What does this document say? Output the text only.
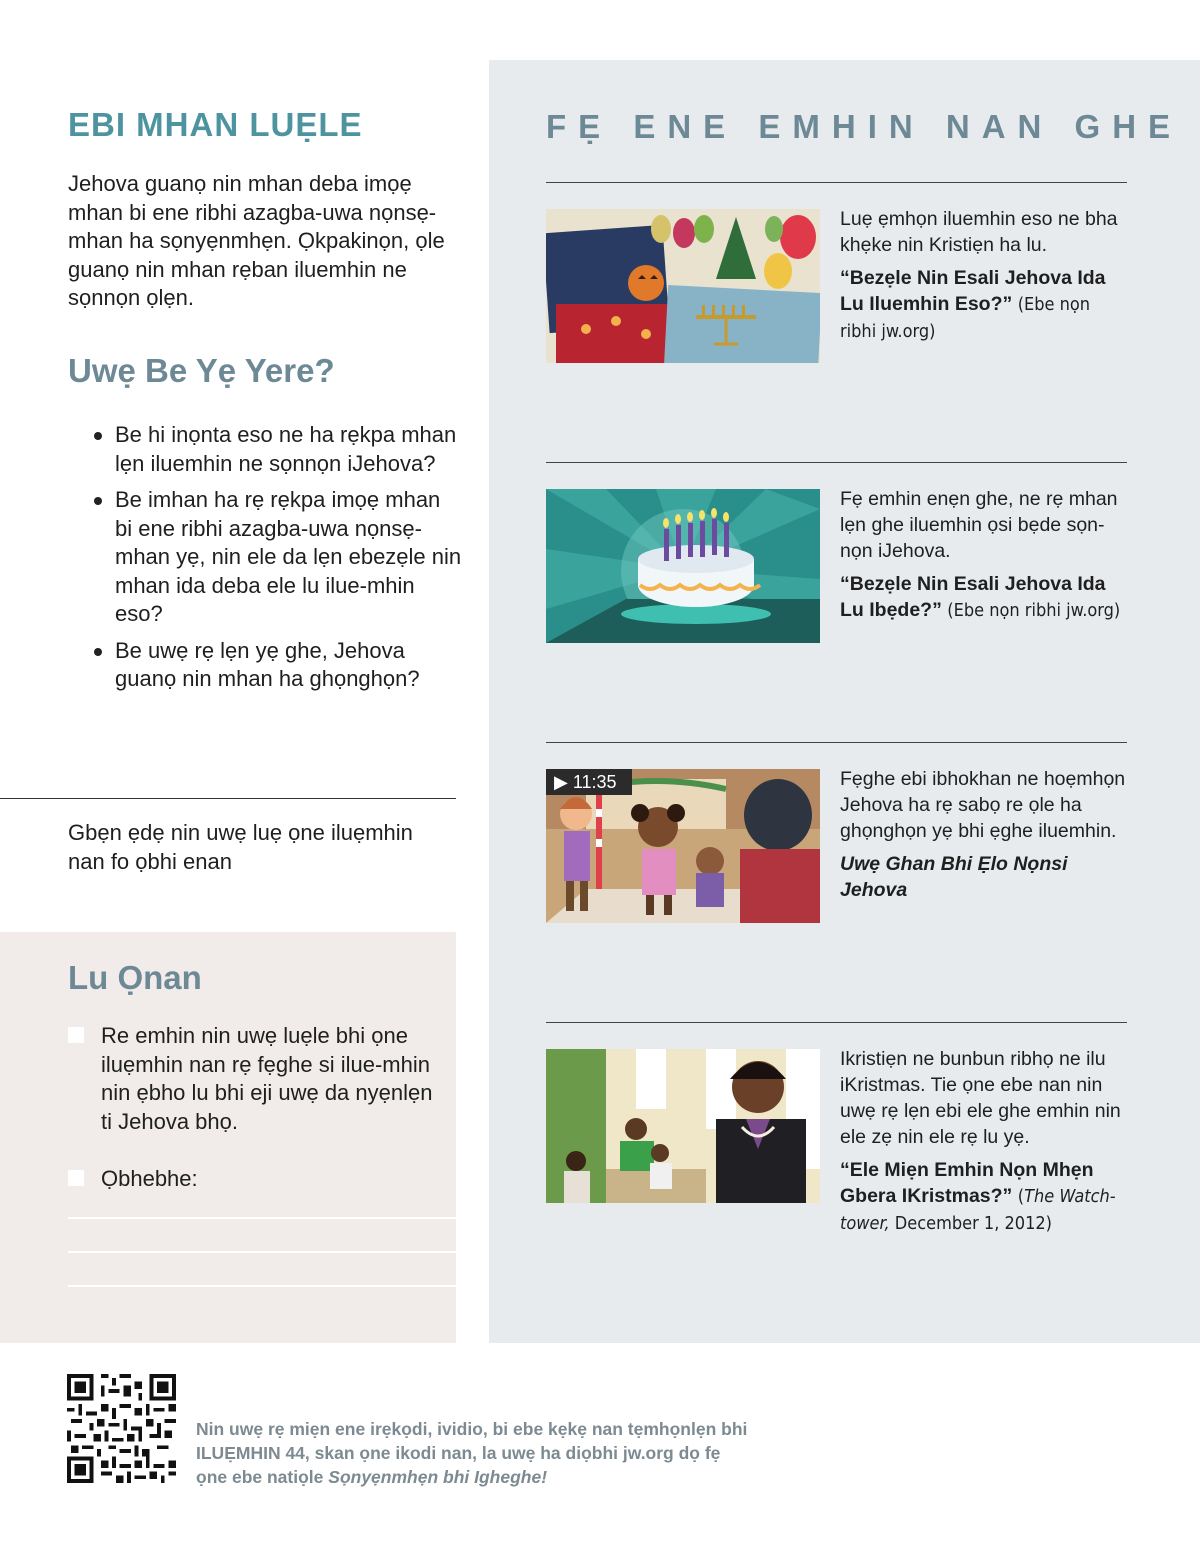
EBI MHAN LUẸLE

Jehova guanọ nin mhan deba imọẹ mhan bi ene ribhi azagba-uwa nọnsẹ-mhan ha sọnyẹnmhẹn. Ọkpakinọn, ọle guanọ nin mhan rẹban iluemhin ne sọnnọn ọlẹn.

Uwẹ Be Yẹ Yere?
Be hi inọnta eso ne ha rẹkpa mhan lẹn iluemhin ne sọnnọn iJehova?
Be imhan ha rẹ rẹkpa imọẹ mhan bi ene ribhi azagba-uwa nọnsẹ-mhan yẹ, nin ele da lẹn ebezẹle nin mhan ida deba ele lu ilue-mhin eso?
Be uwẹ rẹ lẹn yẹ ghe, Jehova guanọ nin mhan ha ghọnghọn?

Gbẹn ẹdẹ nin uwẹ luẹ ọne iluẹmhin nan fo ọbhi enan

Lu Ọnan
Re emhin nin uwẹ luẹle bhi ọne iluẹmhin nan rẹ fẹghe si ilue-mhin nin ẹbho lu bhi eji uwẹ da nyẹnlẹn ti Jehova bhọ.
Ọbhebhe:
FẸ ENE EMHIN NAN GHE

Luẹ ẹmhọn iluemhin eso ne bha khẹke nin Kristiẹn ha lu.

“Bezẹle Nin Esali Jehova Ida Lu Iluemhin Eso?” (Ebe nọn ribhi jw.org)

Fẹ emhin enẹn ghe, ne rẹ mhan lẹn ghe iluemhin ọsi bẹde sọn-nọn iJehova.

“Bezẹle Nin Esali Jehova Ida Lu Ibẹde?” (Ebe nọn ribhi jw.org)

▶ 11:35	Fẹghe ebi ibhokhan ne hoẹmhọn Jehova ha rẹ sabọ re ọle ha ghọnghọn yẹ bhi ẹghe iluemhin.

Uwẹ Ghan Bhi Ẹlo Nọnsi Jehova

Ikristiẹn ne bunbun ribhọ ne ilu iKristmas. Tie ọne ebe nan nin uwẹ rẹ lẹn ebi ele ghe emhin nin ele zẹ nin ele rẹ lu yẹ.

“Ele Miẹn Emhin Nọn Mhẹn Gbera IKristmas?” (The Watch-tower, December 1, 2012)

Nin uwẹ rẹ miẹn ene irẹkọdi, ividio, bi ebe kẹkẹ nan tẹmhọnlẹn bhi ILUẸMHIN 44, skan ọne ikodi nan, la uwẹ ha diọbhi jw.org dọ fẹ ọne ebe natiọle Sọnyẹnmhẹn bhi Igheghe!
